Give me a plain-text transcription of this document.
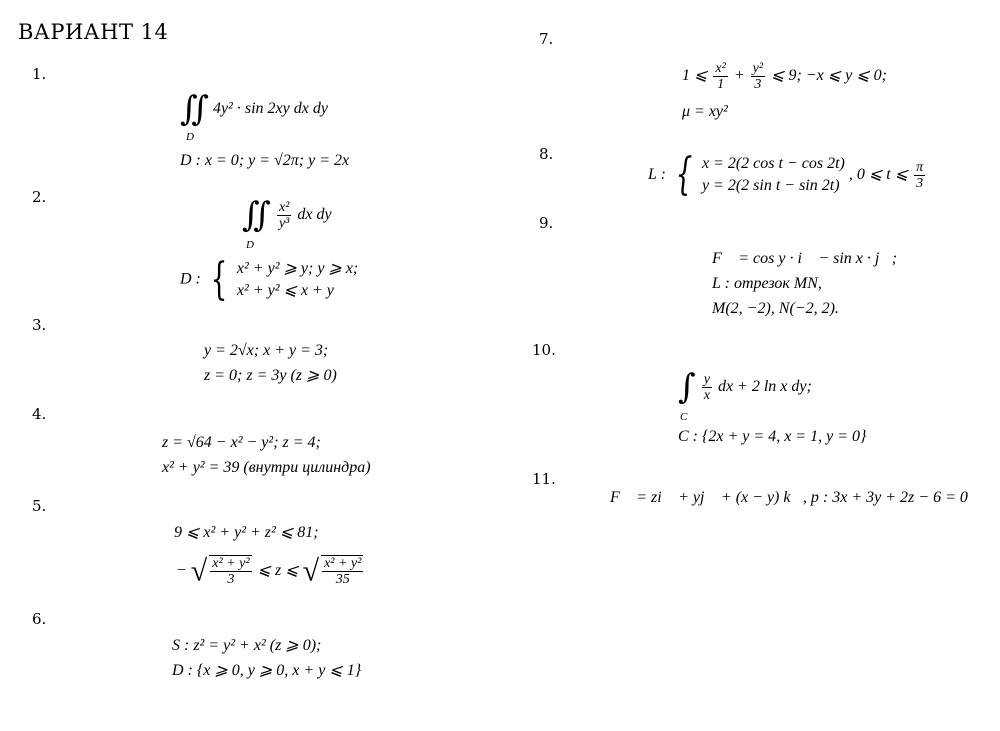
ВАРИАНТ 14
1.
2.
3.
4.
5.
6.
7.
8.
9.
10.
11.
∬
D
4y² · sin 2xy dx dy
D : x = 0; y = √2π; y = 2x
∬
D

$\frac{\text{x²}}{\text{y³}}$ dx dy
D : { x² + y² ⩾ y; y ⩾ x;
x² + y² ⩽ x + y
y = 2√x; x + y = 3;
z = 0; z = 3y (z ⩾ 0)
z = √64 − x² − y²; z = 4;
x² + y² = 39 (внутри цилиндра)
9 ⩽ x² + y² + z² ⩽ 81;
− √ $\frac{\text{x² + y²}}{3}$ ⩽ z ⩽ √ $\frac{\text{x² + y²}}{35}$
S : z² = y² + x² (z ⩾ 0);
D : {x ⩾ 0, y ⩾ 0, x + y ⩽ 1}
1 ⩽ $\frac{\text{x²}}{1} + \frac{\text{y²}}{3}$ ⩽ 9; −x ⩽ y ⩽ 0;
μ = xy²
L : { x = 2(2 cos t − cos 2t)
y = 2(2 sin t − sin 2t)
, 0 ⩽ t ⩽ $\frac{\pi}{3}$
F⃗ = cos y · i⃗ − sin x · j⃗;
L : отрезок MN,
M(2, −2), N(−2, 2).
∫
C

$\frac{y}{x}$ dx + 2 ln x dy;
C : {2x + y = 4, x = 1, y = 0}
F⃗ = zi⃗ + yj⃗ + (x − y) k⃗, p : 3x + 3y + 2z − 6 = 0
